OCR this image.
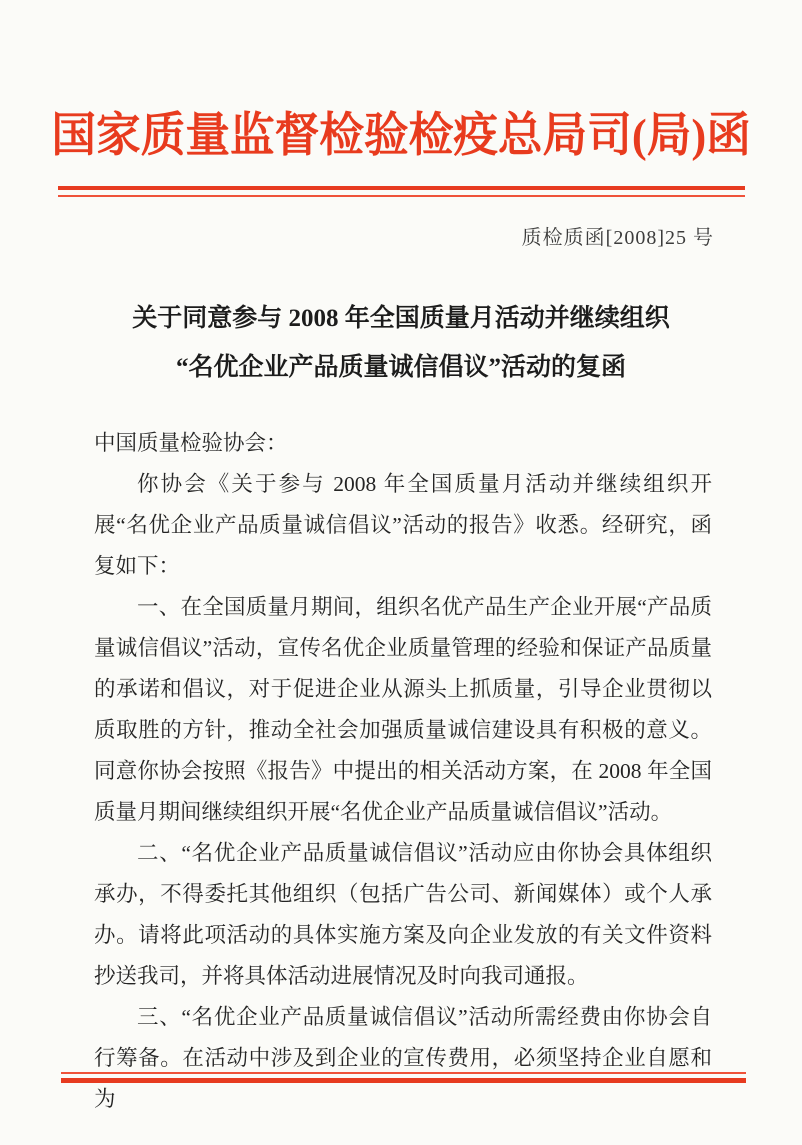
国家质量监督检验检疫总局司(局)函
质检质函[2008]25 号
关于同意参与 2008 年全国质量月活动并继续组织
“名优企业产品质量诚信倡议”活动的复函

中国质量检验协会：

你协会《关于参与 2008 年全国质量月活动并继续组织开展“名优企业产品质量诚信倡议”活动的报告》收悉。经研究，函复如下：

一、在全国质量月期间，组织名优产品生产企业开展“产品质量诚信倡议”活动，宣传名优企业质量管理的经验和保证产品质量的承诺和倡议，对于促进企业从源头上抓质量，引导企业贯彻以质取胜的方针，推动全社会加强质量诚信建设具有积极的意义。同意你协会按照《报告》中提出的相关活动方案，在 2008 年全国质量月期间继续组织开展“名优企业产品质量诚信倡议”活动。

二、“名优企业产品质量诚信倡议”活动应由你协会具体组织承办，不得委托其他组织（包括广告公司、新闻媒体）或个人承办。请将此项活动的具体实施方案及向企业发放的有关文件资料抄送我司，并将具体活动进展情况及时向我司通报。

三、“名优企业产品质量诚信倡议”活动所需经费由你协会自行筹备。在活动中涉及到企业的宣传费用，必须坚持企业自愿和为
